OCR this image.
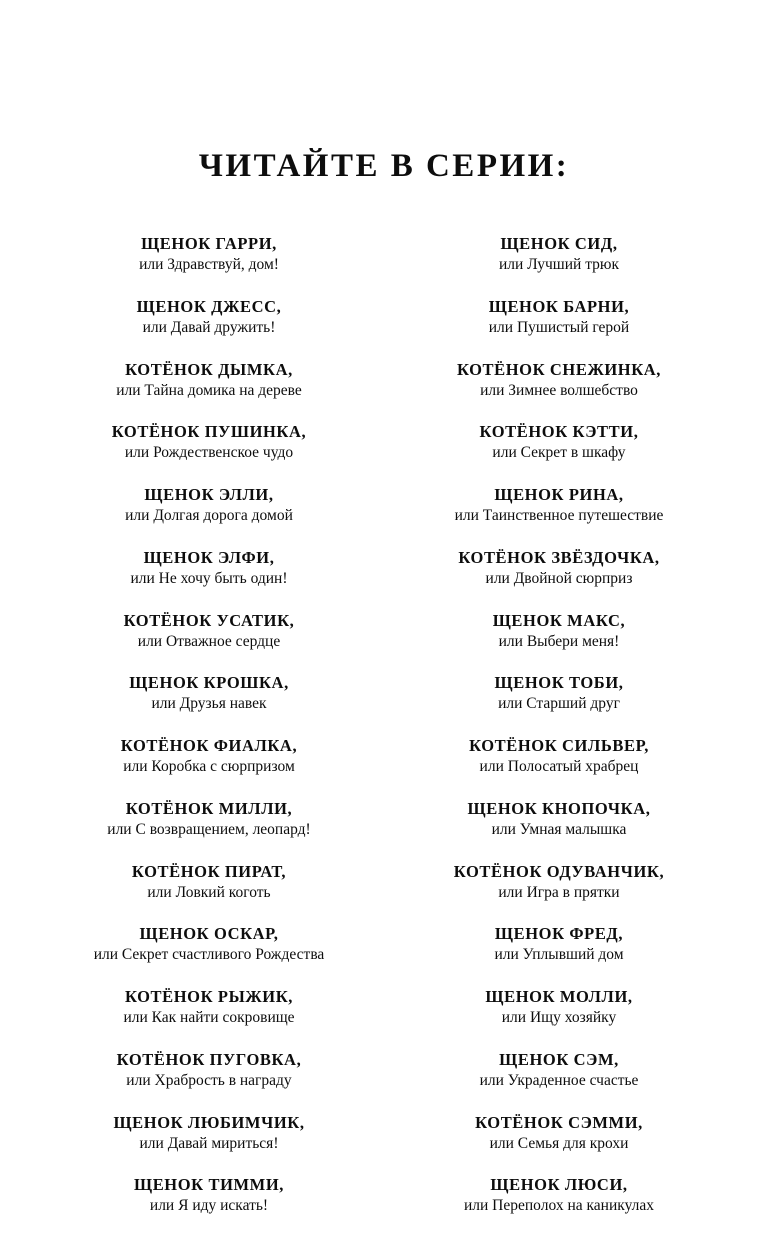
ЧИТАЙТЕ В СЕРИИ:
ЩЕНОК ГАРРИ,
или Здравствуй, дом!
ЩЕНОК ДЖЕСС,
или Давай дружить!
КОТЁНОК ДЫМКА,
или Тайна домика на дереве
КОТЁНОК ПУШИНКА,
или Рождественское чудо
ЩЕНОК ЭЛЛИ,
или Долгая дорога домой
ЩЕНОК ЭЛФИ,
или Не хочу быть один!
КОТЁНОК УСАТИК,
или Отважное сердце
ЩЕНОК КРОШКА,
или Друзья навек
КОТЁНОК ФИАЛКА,
или Коробка с сюрпризом
КОТЁНОК МИЛЛИ,
или С возвращением, леопард!
КОТЁНОК ПИРАТ,
или Ловкий коготь
ЩЕНОК ОСКАР,
или Секрет счастливого Рождества
КОТЁНОК РЫЖИК,
или Как найти сокровище
КОТЁНОК ПУГОВКА,
или Храбрость в награду
ЩЕНОК ЛЮБИМЧИК,
или Давай мириться!
ЩЕНОК ТИММИ,
или Я иду искать!
ЩЕНОК СИД,
или Лучший трюк
ЩЕНОК БАРНИ,
или Пушистый герой
КОТЁНОК СНЕЖИНКА,
или Зимнее волшебство
КОТЁНОК КЭТТИ,
или Секрет в шкафу
ЩЕНОК РИНА,
или Таинственное путешествие
КОТЁНОК ЗВЁЗДОЧКА,
или Двойной сюрприз
ЩЕНОК МАКС,
или Выбери меня!
ЩЕНОК ТОБИ,
или Старший друг
КОТЁНОК СИЛЬВЕР,
или Полосатый храбрец
ЩЕНОК КНОПОЧКА,
или Умная малышка
КОТЁНОК ОДУВАНЧИК,
или Игра в прятки
ЩЕНОК ФРЕД,
или Уплывший дом
ЩЕНОК МОЛЛИ,
или Ищу хозяйку
ЩЕНОК СЭМ,
или Украденное счастье
КОТЁНОК СЭММИ,
или Семья для крохи
ЩЕНОК ЛЮСИ,
или Переполох на каникулах
